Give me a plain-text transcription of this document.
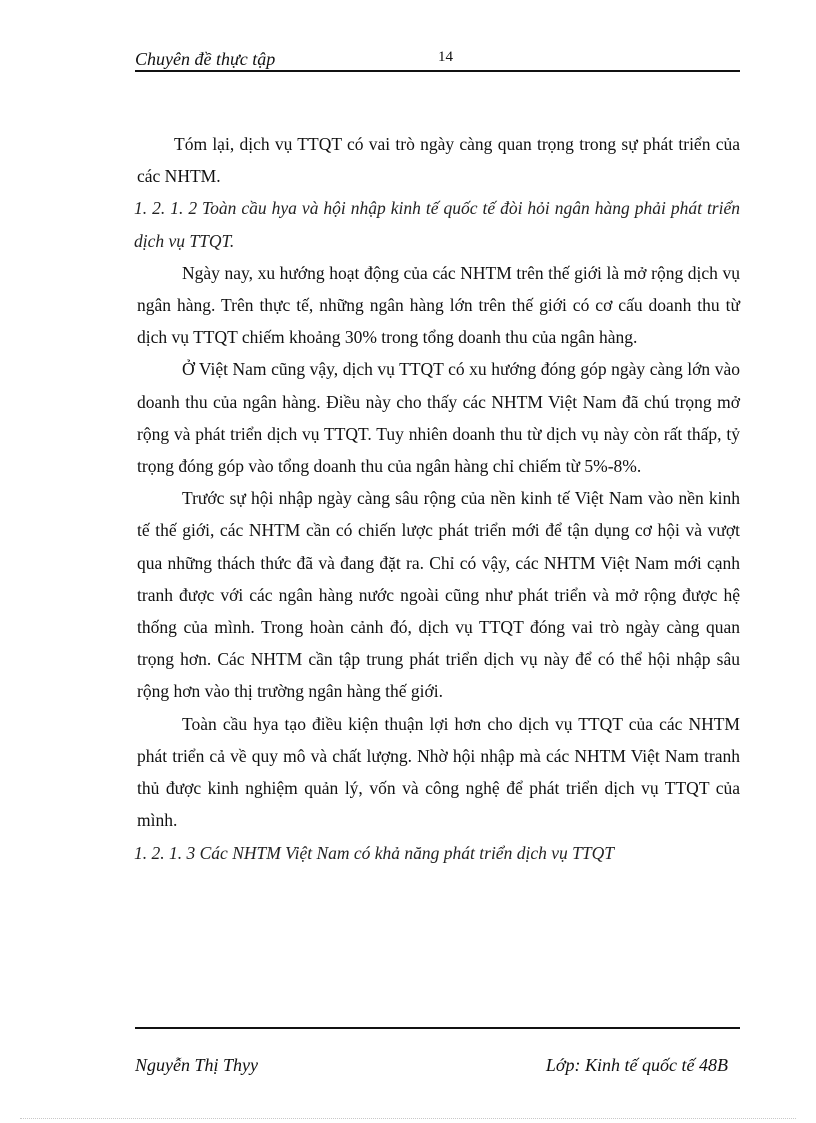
Chuyên đề thực tập	14

Tóm lại, dịch vụ TTQT có vai trò ngày càng quan trọng trong sự phát triển của các NHTM.

1. 2. 1. 2 Toàn cầu hya và hội nhập kinh tế quốc tế đòi hỏi ngân hàng phải phát triển dịch vụ TTQT.

Ngày nay, xu hướng hoạt động của các NHTM trên thế giới là mở rộng dịch vụ ngân hàng. Trên thực tế, những ngân hàng lớn trên thế giới có cơ cấu doanh thu từ dịch vụ TTQT chiếm khoảng 30% trong tổng doanh thu của ngân hàng.

Ở Việt Nam cũng vậy, dịch vụ TTQT có xu hướng đóng góp ngày càng lớn vào doanh thu của ngân hàng. Điều này cho thấy các NHTM Việt Nam đã chú trọng mở rộng và phát triển dịch vụ TTQT. Tuy nhiên doanh thu từ dịch vụ này còn rất thấp, tỷ trọng đóng góp vào tổng doanh thu của ngân hàng chỉ chiếm từ 5%-8%.

Trước sự hội nhập ngày càng sâu rộng của nền kinh tế Việt Nam vào nền kinh tế thế giới, các NHTM cần có chiến lược phát triển mới để tận dụng cơ hội và vượt qua những thách thức đã và đang đặt ra. Chỉ có vậy, các NHTM Việt Nam mới cạnh tranh được với các ngân hàng nước ngoài cũng như phát triển và mở rộng được hệ thống của mình. Trong hoàn cảnh đó, dịch vụ TTQT đóng vai trò ngày càng quan trọng hơn. Các NHTM cần tập trung phát triển dịch vụ này để có thể hội nhập sâu rộng hơn vào thị trường ngân hàng thế giới.

Toàn cầu hya tạo điều kiện thuận lợi hơn cho dịch vụ TTQT của các NHTM phát triển cả về quy mô và chất lượng. Nhờ hội nhập mà các NHTM Việt Nam tranh thủ được kinh nghiệm quản lý, vốn và công nghệ để phát triển dịch vụ TTQT của mình.

1. 2. 1. 3 Các NHTM Việt Nam có khả năng phát triển dịch vụ TTQT

Nguyễn Thị Thyy	Lớp: Kinh tế quốc tế 48B
